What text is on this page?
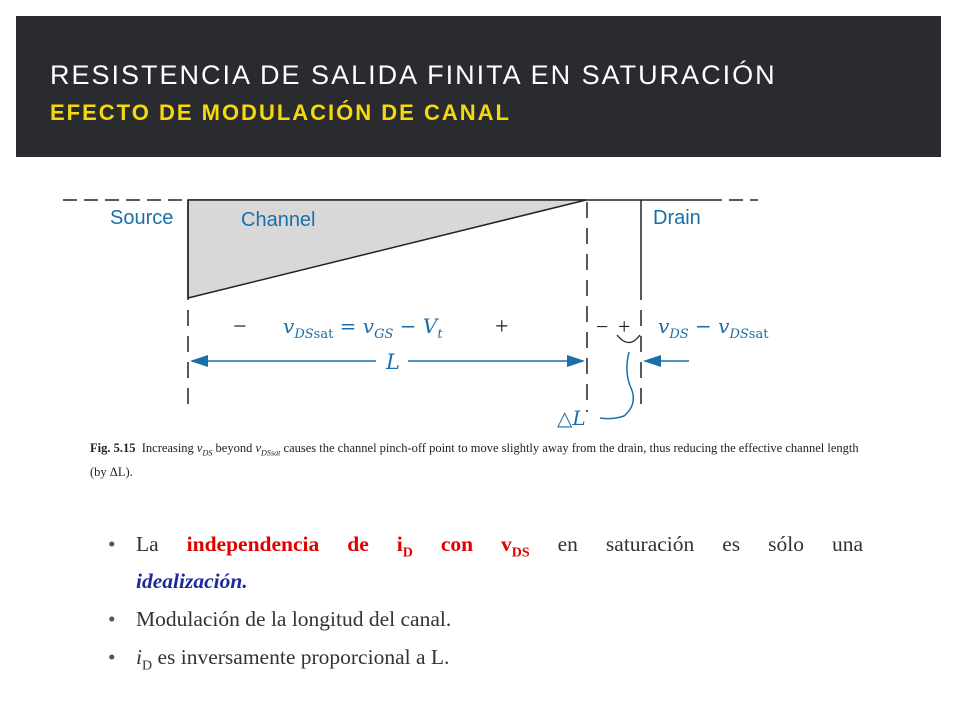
RESISTENCIA DE SALIDA FINITA EN SATURACIÓN
EFECTO DE MODULACIÓN DE CANAL
Source	Channel	Drain
− $v_{DS}sat = v_{GS} - V_t$ +	− + $v_{DS} - v_{DS}sat$
L
△L
Fig. 5.15 Increasing $v_{DS}$ beyond $v_{DSsat}$ causes the channel pinch-off point to move slightly away from the drain, thus reducing the effective channel length (by ΔL).
• La independencia de $i_D$ con $v_{DS}$ en saturación es sólo una
idealización.
• Modulación de la longitud del canal.
• $i_D$ es inversamente proporcional a L.
